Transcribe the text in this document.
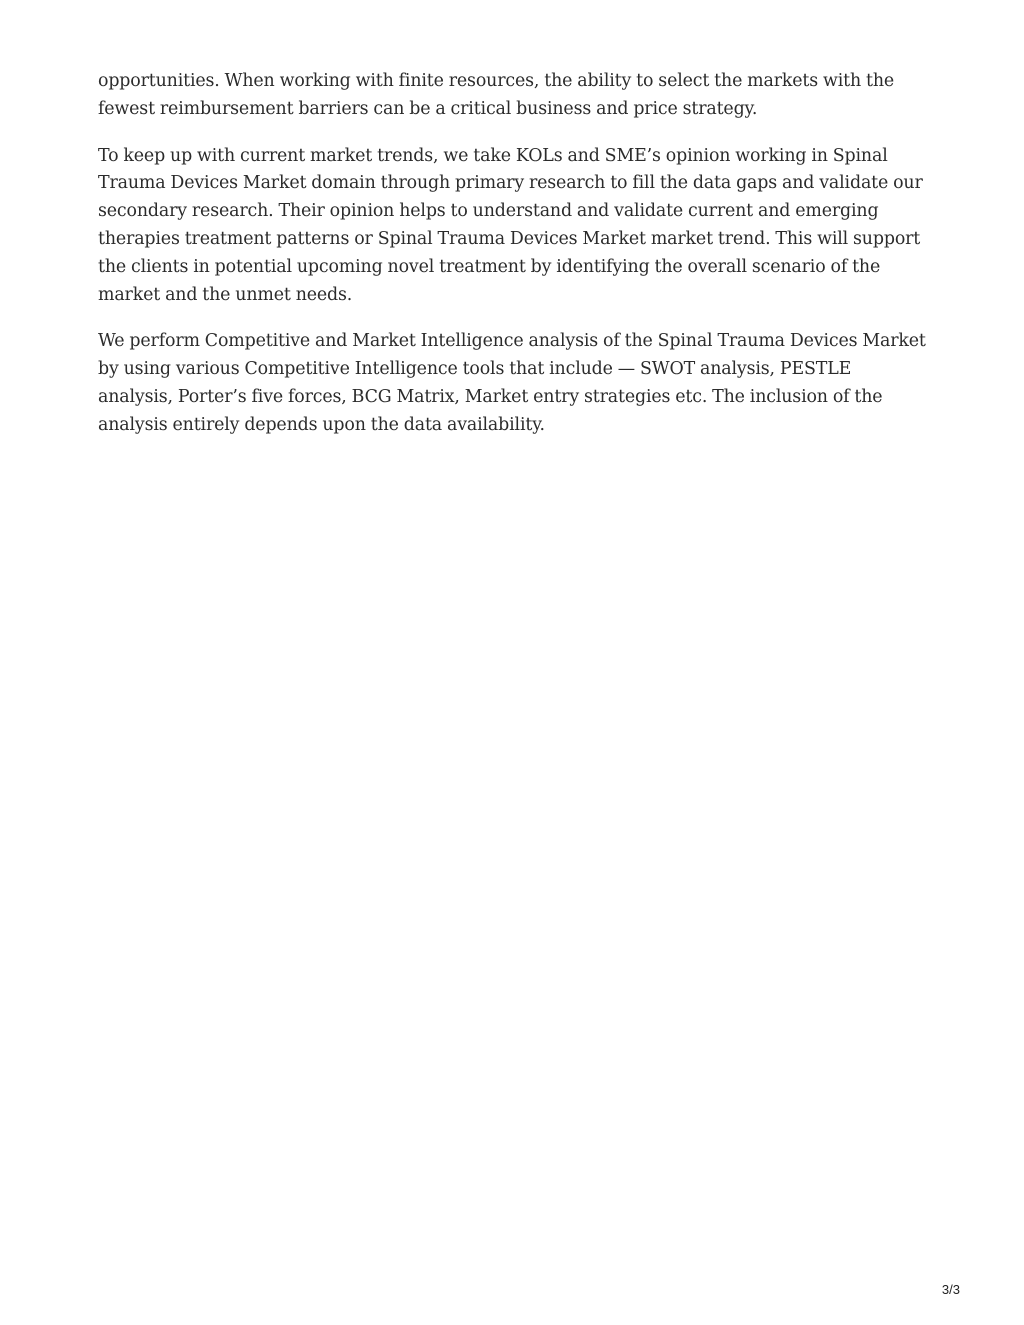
opportunities. When working with finite resources, the ability to select the markets with the fewest reimbursement barriers can be a critical business and price strategy.

To keep up with current market trends, we take KOLs and SME’s opinion working in Spinal Trauma Devices Market domain through primary research to fill the data gaps and validate our secondary research. Their opinion helps to understand and validate current and emerging therapies treatment patterns or Spinal Trauma Devices Market market trend. This will support the clients in potential upcoming novel treatment by identifying the overall scenario of the market and the unmet needs.

We perform Competitive and Market Intelligence analysis of the Spinal Trauma Devices Market by using various Competitive Intelligence tools that include — SWOT analysis, PESTLE analysis, Porter’s five forces, BCG Matrix, Market entry strategies etc. The inclusion of the analysis entirely depends upon the data availability.

3/3
